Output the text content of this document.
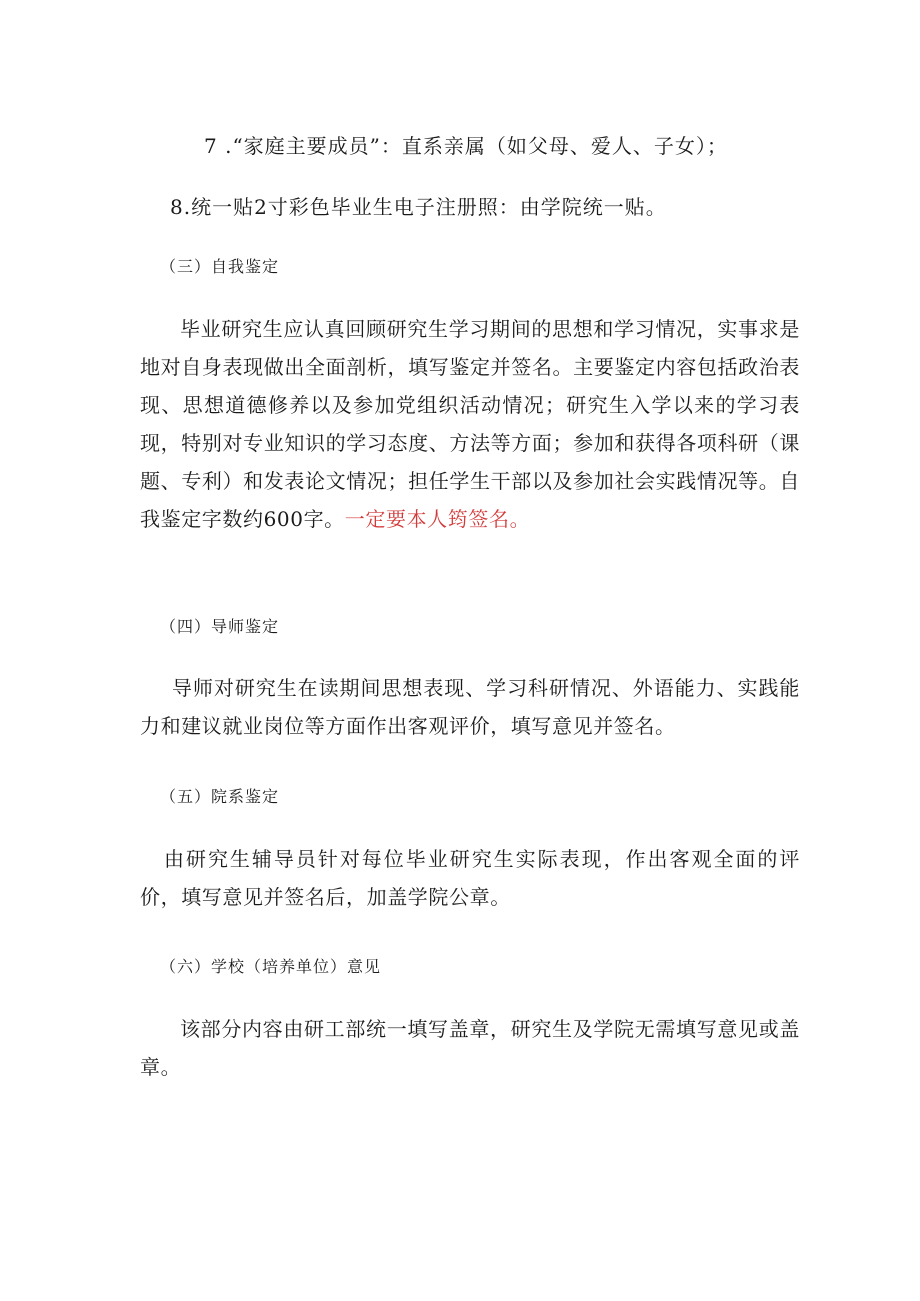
7 .“家庭主要成员”：直系亲属（如父母、爱人、子女）；
8.统一贴2寸彩色毕业生电子注册照：由学院统一贴。
（三）自我鉴定
毕业研究生应认真回顾研究生学习期间的思想和学习情况，实事求是地对自身表现做出全面剖析，填写鉴定并签名。主要鉴定内容包括政治表现、思想道德修养以及参加党组织活动情况；研究生入学以来的学习表现，特别对专业知识的学习态度、方法等方面；参加和获得各项科研（课题、专利）和发表论文情况；担任学生干部以及参加社会实践情况等。自我鉴定字数约600字。一定要本人筠签名。
（四）导师鉴定
导师对研究生在读期间思想表现、学习科研情况、外语能力、实践能力和建议就业岗位等方面作出客观评价，填写意见并签名。
（五）院系鉴定
由研究生辅导员针对每位毕业研究生实际表现，作出客观全面的评价，填写意见并签名后，加盖学院公章。
（六）学校（培养单位）意见
该部分内容由研工部统一填写盖章，研究生及学院无需填写意见或盖章。
